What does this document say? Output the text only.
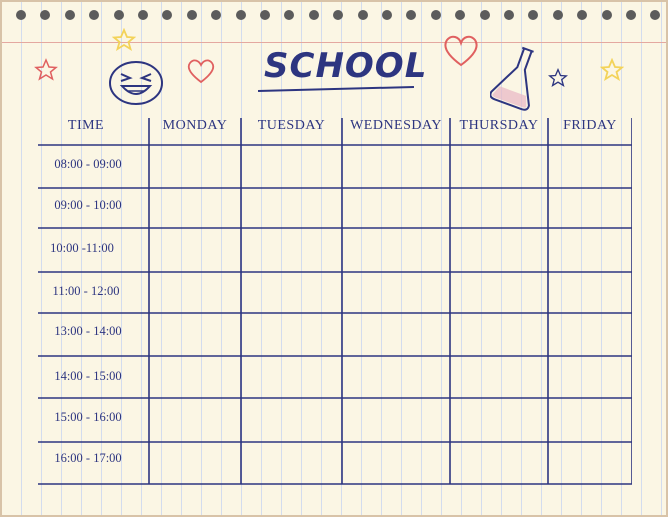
SCHOOL
TIME	MONDAY	TUESDAY	WEDNESDAY	THURSDAY	FRIDAY
08:00 - 09:00
09:00 - 10:00
10:00 -11:00
11:00 - 12:00
13:00 - 14:00
14:00 - 15:00
15:00 - 16:00
16:00 - 17:00
